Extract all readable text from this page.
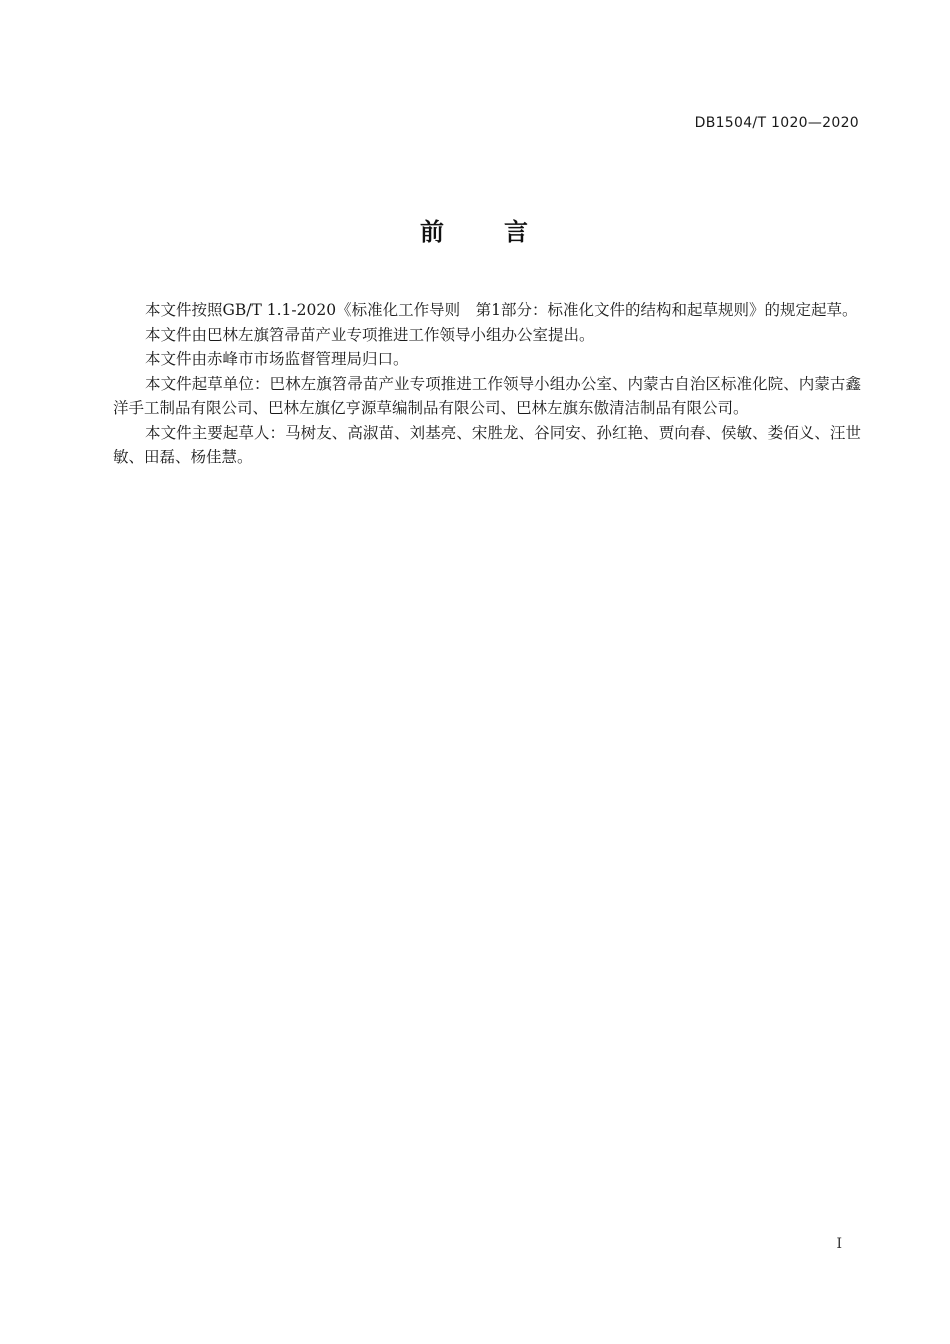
DB1504/T 1020—2020
前 言

本文件按照GB/T 1.1-2020《标准化工作导则　第1部分：标准化文件的结构和起草规则》的规定起草。

本文件由巴林左旗笤帚苗产业专项推进工作领导小组办公室提出。

本文件由赤峰市市场监督管理局归口。

本文件起草单位：巴林左旗笤帚苗产业专项推进工作领导小组办公室、内蒙古自治区标准化院、内蒙古鑫洋手工制品有限公司、巴林左旗亿亨源草编制品有限公司、巴林左旗东傲清洁制品有限公司。

本文件主要起草人：马树友、高淑苗、刘基亮、宋胜龙、谷同安、孙红艳、贾向春、侯敏、娄佰义、汪世敏、田磊、杨佳慧。

I
